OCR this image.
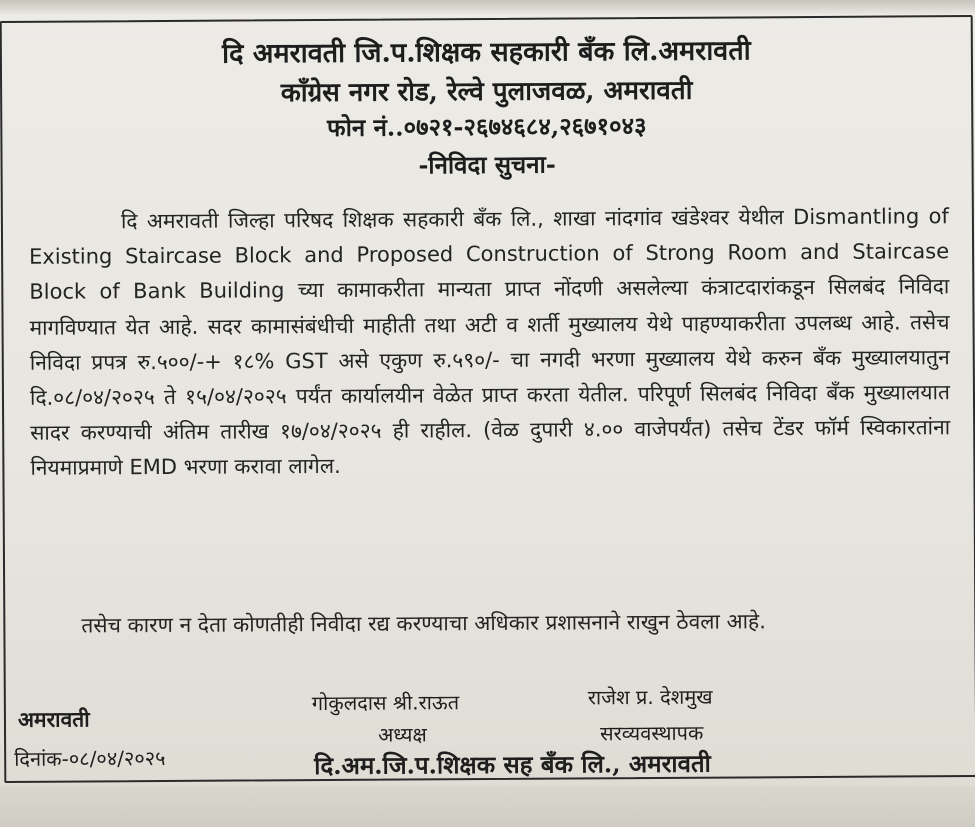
दि अमरावती जि.प.शिक्षक सहकारी बँक लि.अमरावती
काँग्रेस नगर रोड, रेल्वे पुलाजवळ, अमरावती
फोन नं..०७२१-२६७४६८४,२६७१०४३
-निविदा सुचना-
दि अमरावती जिल्हा परिषद शिक्षक सहकारी बँक लि., शाखा नांदगांव खंडेश्वर येथील Dismantling of Existing Staircase Block and Proposed Construction of Strong Room and Staircase Block of Bank Building च्या कामाकरीता मान्यता प्राप्त नोंदणी असलेल्या कंत्राटदारांकडून सिलबंद निविदा मागविण्यात येत आहे. सदर कामासंबंधीची माहीती तथा अटी व शर्ती मुख्यालय येथे पाहण्याकरीता उपलब्ध आहे. तसेच निविदा प्रपत्र रु.५००/-+ १८% GST असे एकुण रु.५९०/- चा नगदी भरणा मुख्यालय येथे करुन बँक मुख्यालयातुन दि.०८/०४/२०२५ ते १५/०४/२०२५ पर्यंत कार्यालयीन वेळेत प्राप्त करता येतील. परिपूर्ण सिलबंद निविदा बँक मुख्यालयात सादर करण्याची अंतिम तारीख १७/०४/२०२५ ही राहील. (वेळ दुपारी ४.०० वाजेपर्यंत) तसेच टेंडर फॉर्म स्विकारतांना नियमाप्रमाणे EMD भरणा करावा लागेल.
तसेच कारण न देता कोणतीही निवीदा रद्य करण्याचा अधिकार प्रशासनाने राखुन ठेवला आहे.
अमरावती
दिनांक-०८/०४/२०२५
गोकुलदास श्री.राऊत
अध्यक्ष
राजेश प्र. देशमुख
सरव्यवस्थापक
दि.अम.जि.प.शिक्षक सह बँक लि., अमरावती
